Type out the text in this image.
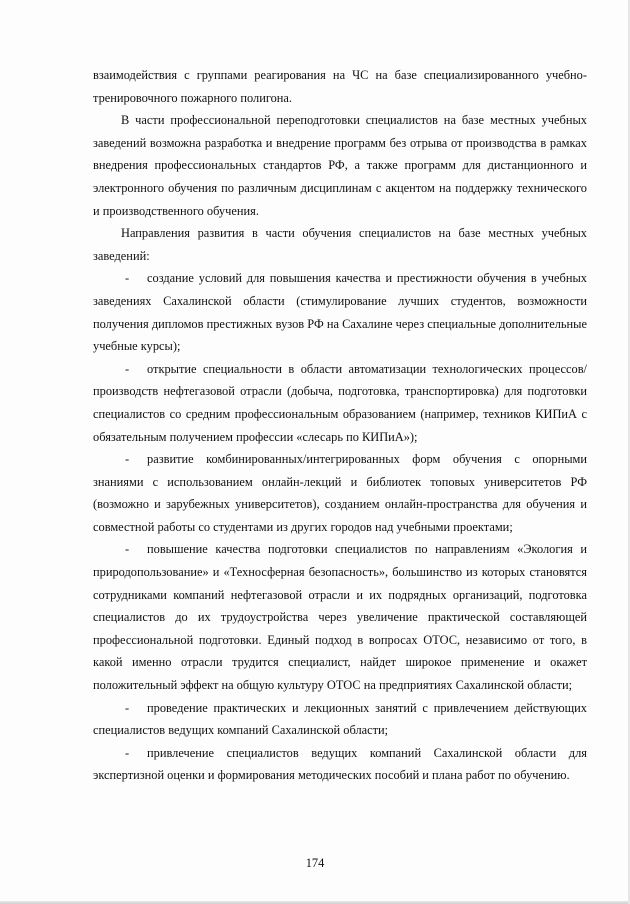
взаимодействия с группами реагирования на ЧС на базе специализированного учебно-тренировочного пожарного полигона.

В части профессиональной переподготовки специалистов на базе местных учебных заведений возможна разработка и внедрение программ без отрыва от производства в рамках внедрения профессиональных стандартов РФ, а также программ для дистанционного и электронного обучения по различным дисциплинам с акцентом на поддержку технического и производственного обучения.

Направления развития в части обучения специалистов на базе местных учебных заведений:

- создание условий для повышения качества и престижности обучения в учебных заведениях Сахалинской области (стимулирование лучших студентов, возможности получения дипломов престижных вузов РФ на Сахалине через специальные дополнительные учебные курсы);

- открытие специальности в области автоматизации технологических процессов/производств нефтегазовой отрасли (добыча, подготовка, транспортировка) для подготовки специалистов со средним профессиональным образованием (например, техников КИПиА с обязательным получением профессии «слесарь по КИПиА»);

- развитие комбинированных/интегрированных форм обучения с опорными знаниями с использованием онлайн-лекций и библиотек топовых университетов РФ (возможно и зарубежных университетов), созданием онлайн-пространства для обучения и совместной работы со студентами из других городов над учебными проектами;

- повышение качества подготовки специалистов по направлениям «Экология и природопользование» и «Техносферная безопасность», большинство из которых становятся сотрудниками компаний нефтегазовой отрасли и их подрядных организаций, подготовка специалистов до их трудоустройства через увеличение практической составляющей профессиональной подготовки. Единый подход в вопросах ОТОС, независимо от того, в какой именно отрасли трудится специалист, найдет широкое применение и окажет положительный эффект на общую культуру ОТОС на предприятиях Сахалинской области;

- проведение практических и лекционных занятий с привлечением действующих специалистов ведущих компаний Сахалинской области;

- привлечение специалистов ведущих компаний Сахалинской области для экспертизной оценки и формирования методических пособий и плана работ по обучению.

174
